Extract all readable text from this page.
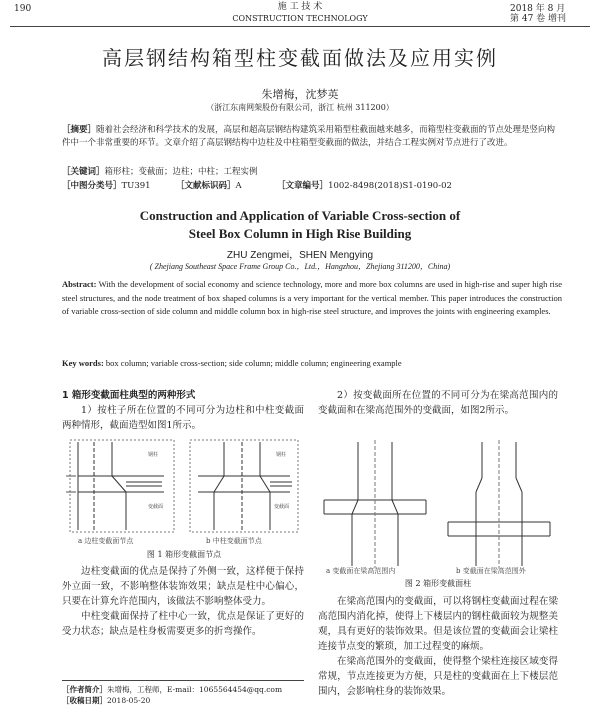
190	施 工 技 术
CONSTRUCTION TECHNOLOGY
2018 年 8 月
第 47 卷 增刊
高层钢结构箱型柱变截面做法及应用实例
朱增梅，沈梦英
（浙江东南网架股份有限公司，浙江 杭州 311200）
［摘要］随着社会经济和科学技术的发展，高层和超高层钢结构建筑采用箱型柱截面越来越多，而箱型柱变截面的节点处理是竖向构件中一个非常重要的环节。文章介绍了高层钢结构中边柱及中柱箱型变截面的做法，并结合工程实例对节点进行了改进。
［关键词］箱形柱；变截面；边柱；中柱；工程实例
［中图分类号］TU391	［文献标识码］A	［文章编号］1002-8498(2018)S1-0190-02
Construction and Application of Variable Cross-section of
Steel Box Column in High Rise Building
ZHU Zengmei，SHEN Mengying
( Zhejiang Southeast Space Frame Group Co.，Ltd.，Hangzhou，Zhejiang 311200，China)
Abstract: With the development of social economy and science technology, more and more box columns are used in high-rise and super high rise steel structures, and the node treatment of box shaped columns is a very important for the vertical member. This paper introduces the construction of variable cross-section of side column and middle column box in high-rise steel structure, and improves the joints with engineering examples.
Key words: box column; variable cross-section; side column; middle column; engineering example
1 箱形变截面柱典型的两种形式

1）按柱子所在位置的不同可分为边柱和中柱变截面两种情形，截面造型如图1所示。

钢柱
变截面
钢柱
变截面
a 边柱变截面节点	b 中柱变截面节点
图 1 箱形变截面节点

边柱变截面的优点是保持了外侧一致，这样便于保持外立面一致，不影响整体装饰效果；缺点是柱中心偏心，只要在计算允许范围内，该做法不影响整体受力。

中柱变截面保持了柱中心一致，优点是保证了更好的受力状态；缺点是柱身板需要更多的折弯操作。

［作者简介］朱增梅，工程师，E-mail：1065564454@qq.com
［收稿日期］2018-05-20

2）按变截面所在位置的不同可分为在梁高范围内的变截面和在梁高范围外的变截面，如图2所示。

a 变截面在梁高范围内	b 变截面在梁高范围外
图 2 箱形变截面柱

在梁高范围内的变截面，可以将钢柱变截面过程在梁高范围内消化掉，使得上下楼层内的钢柱截面较为规整美观，具有更好的装饰效果。但是该位置的变截面会让梁柱连接节点变的繁琐，加工过程变的麻烦。

在梁高范围外的变截面，使得整个梁柱连接区域变得常规，节点连接更为方便，只是柱的变截面在上下楼层范围内，会影响柱身的装饰效果。
